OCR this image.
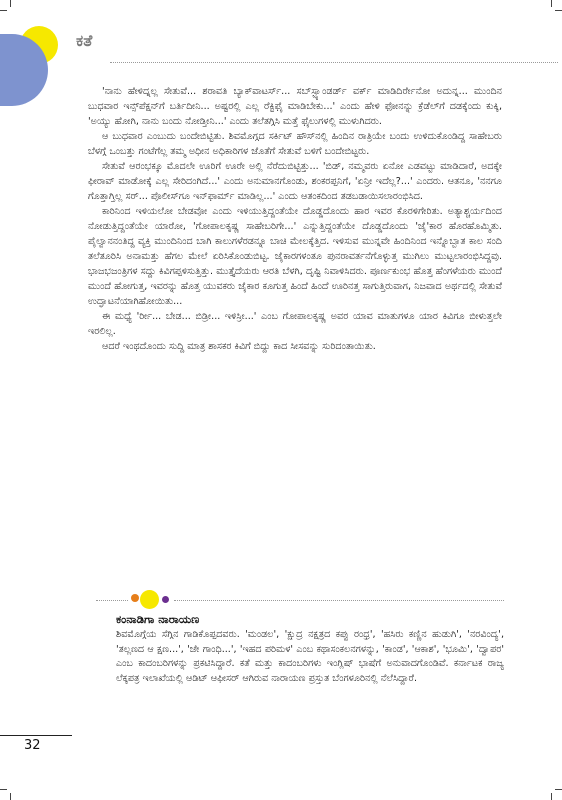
ಕತೆ

'ನಾನು ಹೇಳಿದ್ನಲ್ಲ ಸೇತುವೆ... ಶರಾವತಿ ಬ್ಯಾಕ್‌ವಾಟರ್ಸ್... ಸಬ್‌ಸ್ಟ್ಯಾಂಡರ್ಡ್ ವರ್ಕ್ ಮಾಡಿದಿರ್ರೇನೋ ಅದುನ್ನ... ಮುಂದಿನ ಬುಧವಾರ ಇನ್ಸ್‌ಪೆಕ್ಷನ್‌ಗೆ ಬರ್ತಿದೀನಿ... ಅಷ್ಟರಲ್ಲಿ ಎಲ್ಲ ರೆಕ್ಟಿಫೈ ಮಾಡಿಬೇಕು...' ಎಂದು ಹೇಳಿ ಫೋನನ್ನು ಕ್ರೆಡೆಲ್‌ಗೆ ದಡಕ್ಕೆಂದು ಕುಕ್ಕಿ, 'ಅಯ್ಯು ಹೋಗಿ, ನಾನು ಬಂದು ನೋಡ್ತೀನಿ...' ಎಂದು ತಲೆತಗ್ಗಿಸಿ ಮತ್ತೆ ಫೈಲುಗಳಲ್ಲಿ ಮುಳುಗಿದರು.

ಆ ಬುಧವಾರ ಎಂಬುದು ಬಂದೇಬಿಟ್ಟಿತು. ಶಿವಮೊಗ್ಗದ ಸರ್ಕಿಟ್ ಹೌಸ್‌ನಲ್ಲಿ ಹಿಂದಿನ ರಾತ್ರಿಯೇ ಬಂದು ಉಳಿದುಕೊಂಡಿದ್ದ ಸಾಹೇಬರು ಬೆಳಗ್ಗೆ ಒಂಬತ್ತು ಗಂಟೆಗೆಲ್ಲ ತಮ್ಮ ಅಧೀನ ಅಧಿಕಾರಿಗಳ ಜೊತೆಗೆ ಸೇತುವೆ ಬಳಿಗೆ ಬಂದೇಬಿಟ್ಟರು.

ಸೇತುವೆ ಆರಂಭಕ್ಕೂ ಮೊದಲೇ ಊರಿಗೆ ಊರೇ ಅಲ್ಲಿ ನೆರೆದುಬಿಟ್ಟಿತ್ತು... 'ಬಿಡ್, ನಮ್ಮವರು ಏನೋ ಎಡವಟ್ಟು ಮಾಡಿದಾರೆ, ಅದಕ್ಕೇ ಫೀರಾವ್ ಮಾಡೋಕ್ಕೆ ಎಲ್ಲ ಸೇರಿದಂಗಿದೆ...' ಎಂದು ಅನುಮಾನಗೊಂಡು, ಶಂಕರಪ್ಪನಿಗೆ, 'ಏನ್ರೀ ಇದೆಲ್ಲ?...' ಎಂದರು. ಆತನೂ, 'ನನಗೂ ಗೊತ್ತಾಗ್ತಿಲ್ಲ ಸರ್... ಪೊಲೀಸ್‌ಗೂ ಇನ್‌ಫಾರ್ಮ್ ಮಾಡಿಲ್ಲ...' ಎಂದು ಆತಂಕದಿಂದ ತಡಬಡಾಯಿಸಲಾರಂಭಿಸಿದ.

ಕಾರಿನಿಂದ ಇಳಿಯಲೋ ಬೇಡವೋ ಎಂದು ಇಳಿಯುತ್ತಿದ್ದಂತೆಯೇ ದೊಡ್ಡದೊಂದು ಹಾರ ಇವರ ಕೊರಳಿಗೇರಿತು. ಅತ್ಯಾಶ್ಚರ್ಯದಿಂದ ನೋಡುತ್ತಿದ್ದಂತೆಯೇ ಯಾರೋ, 'ಗೋಪಾಲಕೃಷ್ಣ ಸಾಹೇಬರಿಗೇ...' ಎನ್ನುತ್ತಿದ್ದಂತೆಯೇ ದೊಡ್ಡದೊಂದು 'ಜೈ'ಕಾರ ಹೊರಹೊಮ್ಮಿತು. ಪೈಲ್ವಾನನಂತಿದ್ದ ವ್ಯಕ್ತಿ ಮುಂದಿನಿಂದ ಬಾಗಿ ಕಾಲುಗಳೆರಡನ್ನೂ ಬಾಚಿ ಮೇಲಕ್ಕೆತ್ತಿದ. ಇಳಿಸುವ ಮುನ್ನವೇ ಹಿಂದಿನಿಂದ ಇನ್ನೊಬ್ಬಾತ ಕಾಲ ಸಂದಿ ತಲೆತೂರಿಸಿ ಅನಾಮತ್ತು ಹೆಗಲ ಮೇಲೆ ಏರಿಸಿಕೊಂಡುಬಿಟ್ಟ. ಜೈಕಾರಗಳಂತೂ ಪುನರಾವರ್ತನೆಗೊಳ್ಳುತ್ತ ಮುಗಿಲು ಮುಟ್ಟಲಾರಂಭಿಸಿದ್ದವು. ಭಾಜಭಜಂತ್ರಿಗಳ ಸದ್ದು ಕಿವಿಗಪ್ಪಳಿಸುತ್ತಿತ್ತು. ಮುತ್ತೈದೆಯರು ಆರತಿ ಬೆಳಗಿ, ದೃಷ್ಟಿ ನಿವಾಳಿಸಿದರು. ಪೂರ್ಣಕುಂಭ ಹೊತ್ತ ಹೆಂಗಳೆಯರು ಮುಂದೆ ಮುಂದೆ ಹೋಗುತ್ತ, ಇವರನ್ನು ಹೊತ್ತ ಯುವಕರು ಜೈಕಾರ ಕೂಗುತ್ತ ಹಿಂದೆ ಹಿಂದೆ ಊರಿನತ್ತ ಸಾಗುತ್ತಿರುವಾಗ, ನಿಜವಾದ ಅರ್ಥದಲ್ಲಿ ಸೇತುವೆ ಉದ್ಘಾಟನೆಯಾಗಿಹೋಯಿತು...

ಈ ಮಧ್ಯೆ 'ರ್ರೀ... ಬೇಡ... ಬಿಡ್ರೀ... ಇಳಿಸ್ರೀ...' ಎಂಬ ಗೋಪಾಲಕೃಷ್ಣ ಅವರ ಯಾವ ಮಾತುಗಳೂ ಯಾರ ಕಿವಿಗೂ ಬೀಳುತ್ತಲೇ ಇರಲಿಲ್ಲ.

ಆದರೆ ಇಂಥದೊಂದು ಸುದ್ದಿ ಮಾತ್ರ ಶಾಸಕರ ಕಿವಿಗೆ ಬಿದ್ದು ಕಾದ ಸೀಸವನ್ನು ಸುರಿದಂತಾಯಿತು.

ಕಂನಾಡಿಗಾ ನಾರಾಯಣ
ಶಿವಮೊಗ್ಗೆಯ ಸೆಗ್ಗಿನ ಗಾಡಿಕೊಪ್ಪದವರು. 'ಮಂಡಲ', 'ಕ್ಷುದ್ರ ನಕ್ಷತ್ರದ ಕಪ್ಪು ರಂಧ್ರ', 'ಹಸಿರು ಕಣ್ಣಿನ ಹುಡುಗಿ', 'ನರವಿಂದ್ಯ', 'ತಲ್ಲಣದ ಆ ಕ್ಷಣ...', 'ಜೇ ಗಾಂಧಿ...', 'ಇಹದ ಪರಿಮಳ' ಎಂಬ ಕಥಾಸಂಕಲನಗಳನ್ನು, 'ಕಾಂಡ', 'ಆಕಾಶ', 'ಭೂಮಿ', 'ದ್ವಾಪರ' ಎಂಬ ಕಾದಂಬರಿಗಳನ್ನು ಪ್ರಕಟಿಸಿದ್ದಾರೆ. ಕತೆ ಮತ್ತು ಕಾದಂಬರಿಗಳು ಇಂಗ್ಲಿಷ್ ಭಾಷೆಗೆ ಅನುವಾದಗೊಂಡಿವೆ. ಕರ್ನಾಟಕ ರಾಜ್ಯ ಲೆಕ್ಕಪತ್ರ ಇಲಾಖೆಯಲ್ಲಿ ಆಡಿಟ್ ಆಫೀಸರ್ ಆಗಿರುವ ನಾರಾಯಣ ಪ್ರಸ್ತುತ ಬೆಂಗಳೂರಿನಲ್ಲಿ ನೆಲೆಸಿದ್ದಾರೆ.
32
